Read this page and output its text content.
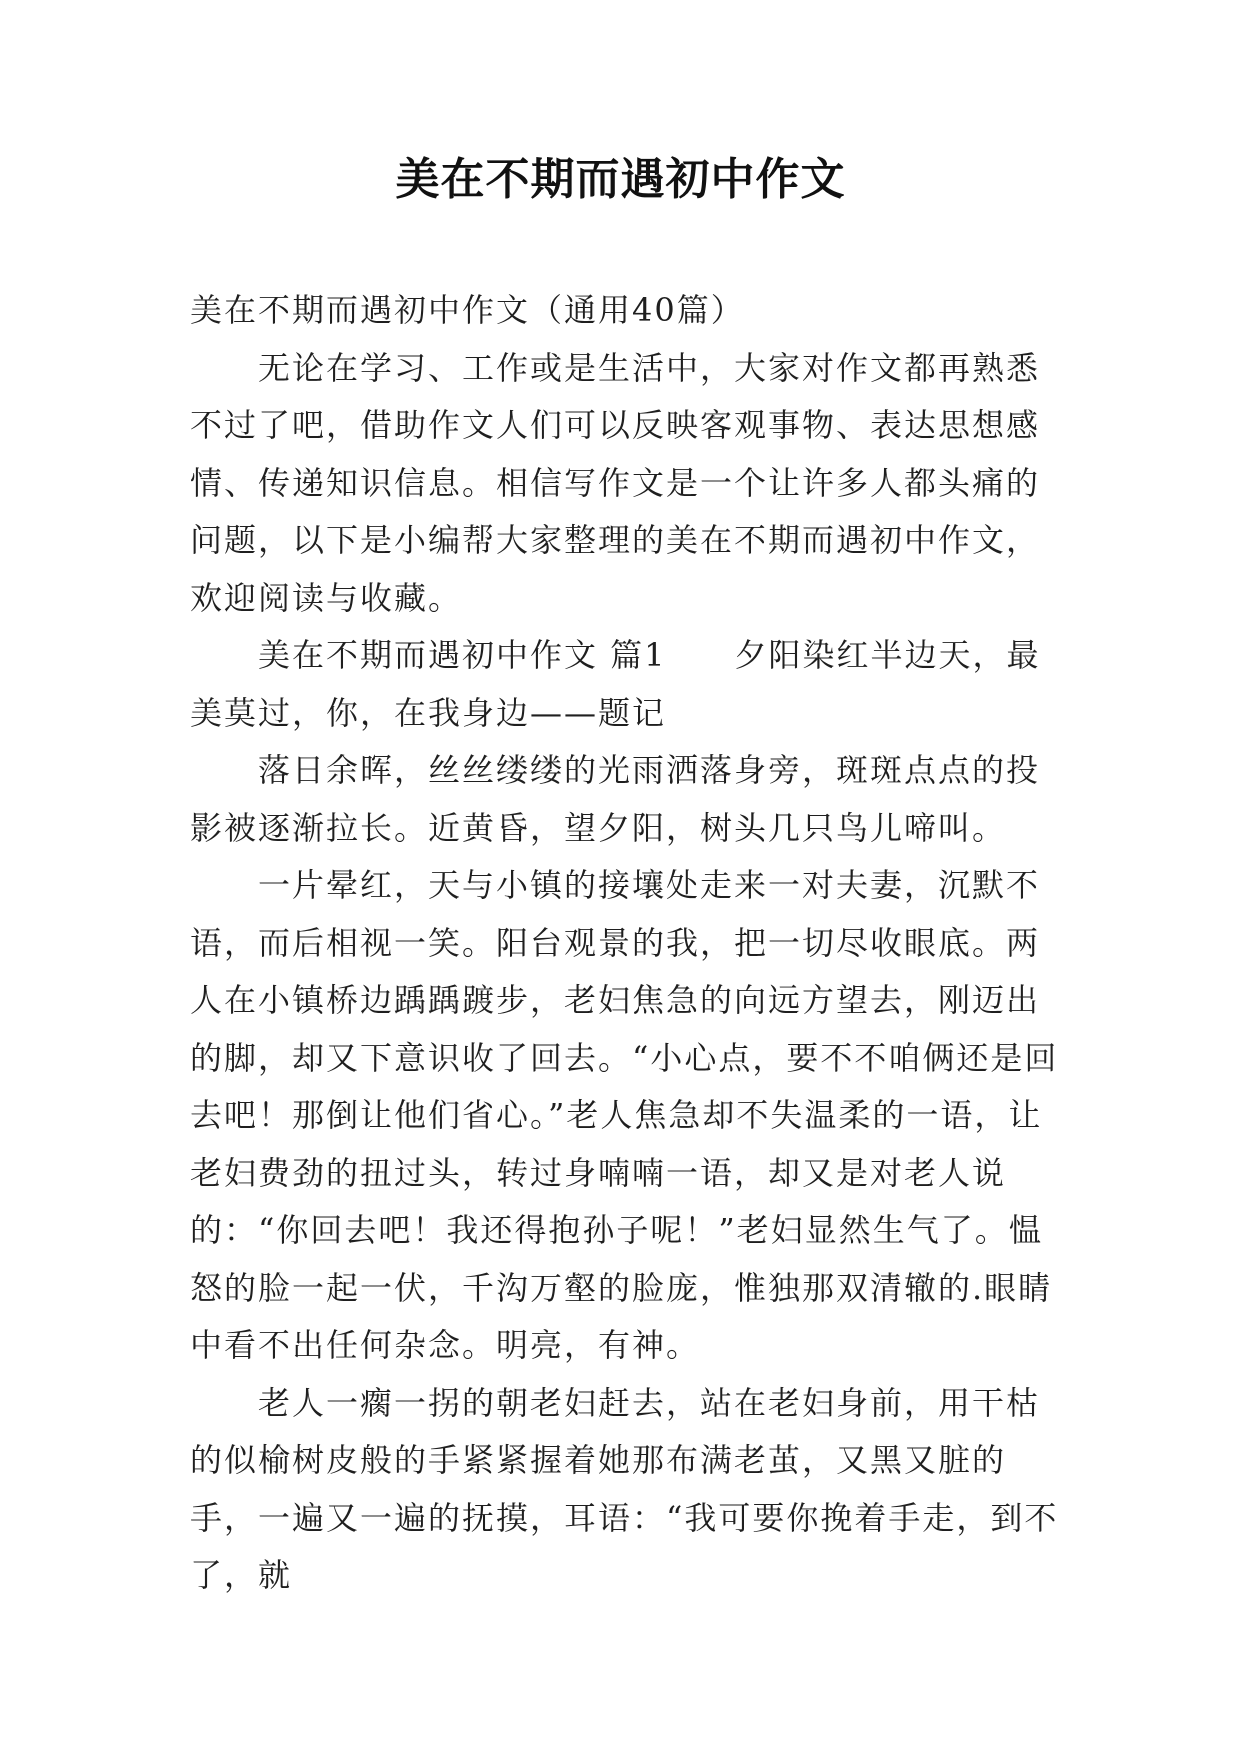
美在不期而遇初中作文

美在不期而遇初中作文（通用40篇）

无论在学习、工作或是生活中，大家对作文都再熟悉不过了吧，借助作文人们可以反映客观事物、表达思想感情、传递知识信息。相信写作文是一个让许多人都头痛的问题，以下是小编帮大家整理的美在不期而遇初中作文，欢迎阅读与收藏。

美在不期而遇初中作文 篇1　　夕阳染红半边天，最美莫过，你，在我身边——题记

落日余晖，丝丝缕缕的光雨洒落身旁，斑斑点点的投影被逐渐拉长。近黄昏，望夕阳，树头几只鸟儿啼叫。

一片晕红，天与小镇的接壤处走来一对夫妻，沉默不语，而后相视一笑。阳台观景的我，把一切尽收眼底。两人在小镇桥边踽踽踱步，老妇焦急的向远方望去，刚迈出的脚，却又下意识收了回去。“小心点，要不不咱俩还是回去吧！那倒让他们省心。”老人焦急却不失温柔的一语，让老妇费劲的扭过头，转过身喃喃一语，却又是对老人说的：“你回去吧！我还得抱孙子呢！”老妇显然生气了。愠怒的脸一起一伏，千沟万壑的脸庞，惟独那双清辙的.眼睛中看不出任何杂念。明亮，有神。

老人一瘸一拐的朝老妇赶去，站在老妇身前，用干枯的似榆树皮般的手紧紧握着她那布满老茧，又黑又脏的手，一遍又一遍的抚摸，耳语：“我可要你挽着手走，到不了，就
